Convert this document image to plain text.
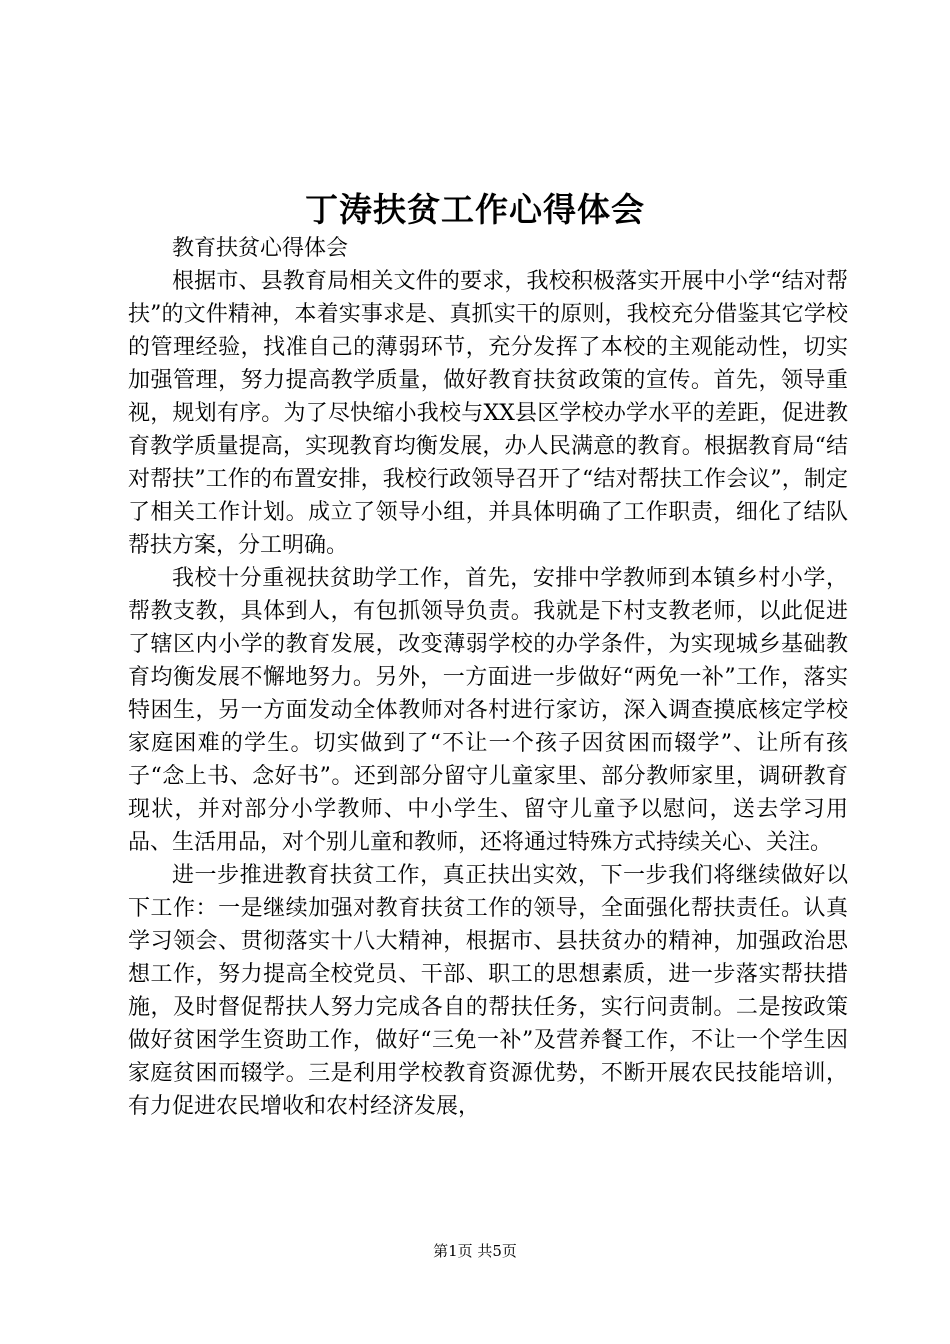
丁涛扶贫工作心得体会

教育扶贫心得体会

根据市、县教育局相关文件的要求，我校积极落实开展中小学“结对帮扶”的文件精神，本着实事求是、真抓实干的原则，我校充分借鉴其它学校的管理经验，找准自己的薄弱环节，充分发挥了本校的主观能动性，切实加强管理，努力提高教学质量，做好教育扶贫政策的宣传。首先，领导重视，规划有序。为了尽快缩小我校与XX县区学校办学水平的差距，促进教育教学质量提高，实现教育均衡发展，办人民满意的教育。根据教育局“结对帮扶”工作的布置安排，我校行政领导召开了“结对帮扶工作会议”，制定了相关工作计划。成立了领导小组，并具体明确了工作职责，细化了结队帮扶方案，分工明确。

我校十分重视扶贫助学工作，首先，安排中学教师到本镇乡村小学，帮教支教，具体到人，有包抓领导负责。我就是下村支教老师，以此促进了辖区内小学的教育发展，改变薄弱学校的办学条件，为实现城乡基础教育均衡发展不懈地努力。另外，一方面进一步做好“两免一补”工作，落实特困生，另一方面发动全体教师对各村进行家访，深入调查摸底核定学校家庭困难的学生。切实做到了“不让一个孩子因贫困而辍学”、让所有孩子“念上书、念好书”。还到部分留守儿童家里、部分教师家里，调研教育现状，并对部分小学教师、中小学生、留守儿童予以慰问，送去学习用品、生活用品，对个别儿童和教师，还将通过特殊方式持续关心、关注。

进一步推进教育扶贫工作，真正扶出实效，下一步我们将继续做好以下工作：一是继续加强对教育扶贫工作的领导，全面强化帮扶责任。认真学习领会、贯彻落实十八大精神，根据市、县扶贫办的精神，加强政治思想工作，努力提高全校党员、干部、职工的思想素质，进一步落实帮扶措施，及时督促帮扶人努力完成各自的帮扶任务，实行问责制。二是按政策做好贫困学生资助工作，做好“三免一补”及营养餐工作，不让一个学生因家庭贫困而辍学。三是利用学校教育资源优势，不断开展农民技能培训，有力促进农民增收和农村经济发展，

第1页 共5页
